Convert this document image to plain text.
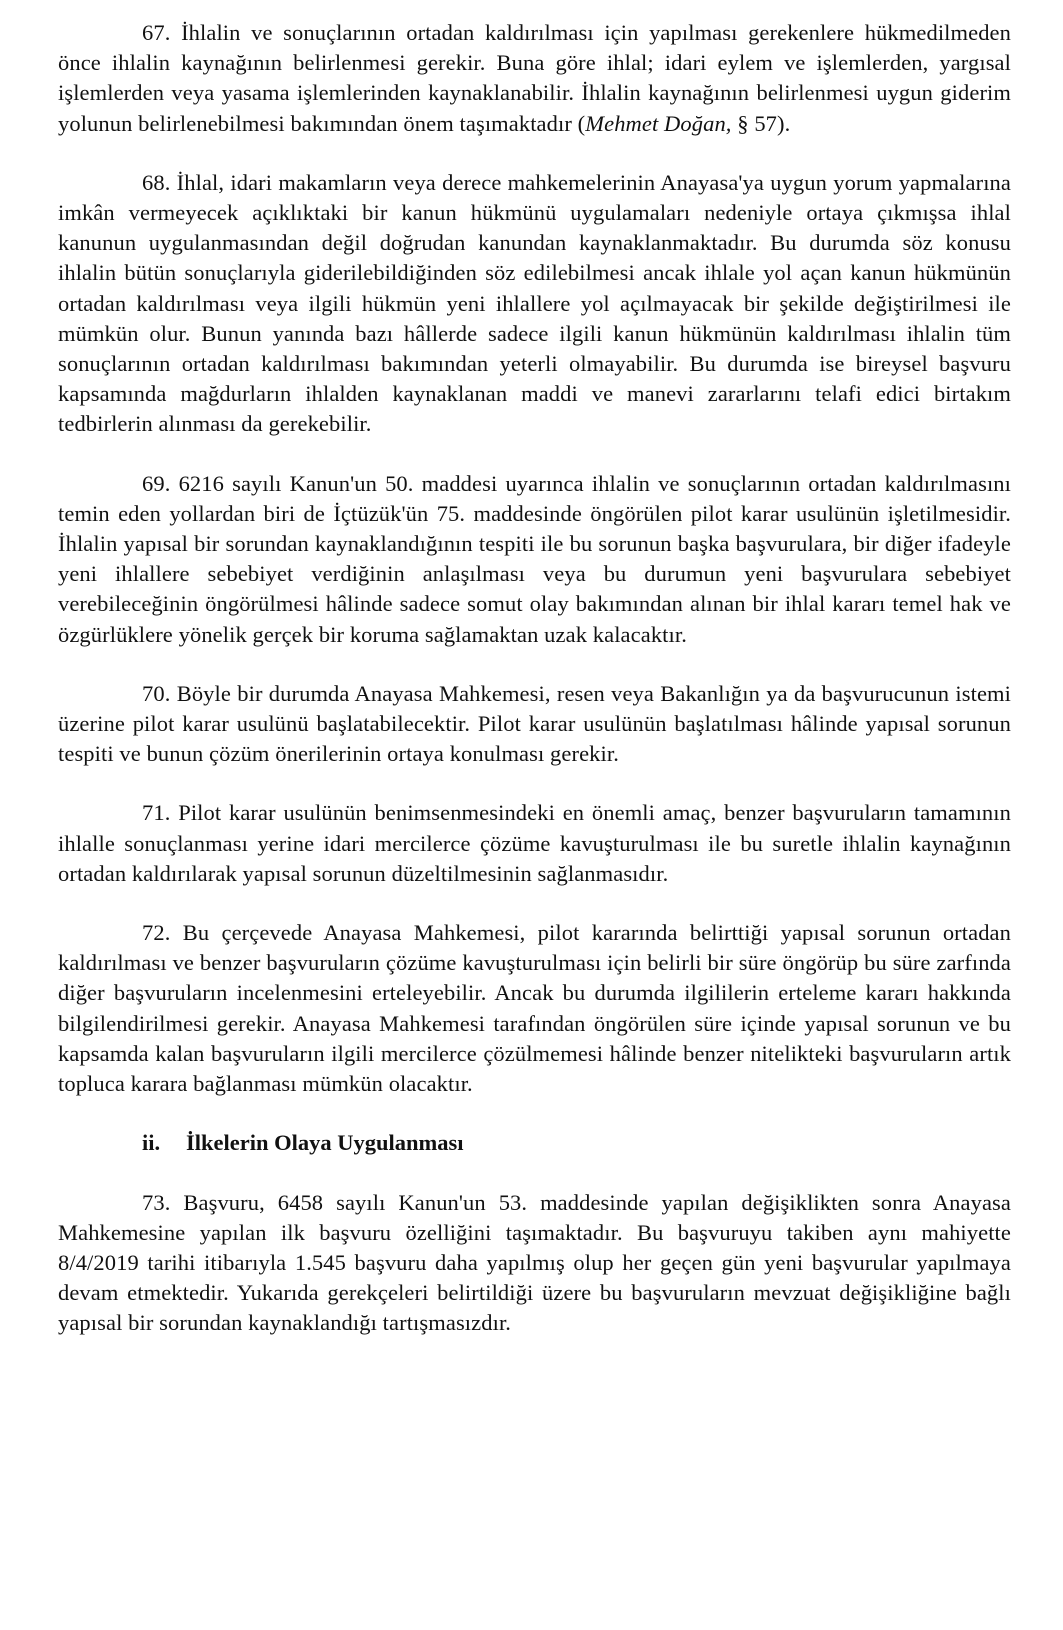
67. İhlalin ve sonuçlarının ortadan kaldırılması için yapılması gerekenlere hükmedilmeden önce ihlalin kaynağının belirlenmesi gerekir. Buna göre ihlal; idari eylem ve işlemlerden, yargısal işlemlerden veya yasama işlemlerinden kaynaklanabilir. İhlalin kaynağının belirlenmesi uygun giderim yolunun belirlenebilmesi bakımından önem taşımaktadır (Mehmet Doğan, § 57).

68. İhlal, idari makamların veya derece mahkemelerinin Anayasa'ya uygun yorum yapmalarına imkân vermeyecek açıklıktaki bir kanun hükmünü uygulamaları nedeniyle ortaya çıkmışsa ihlal kanunun uygulanmasından değil doğrudan kanundan kaynaklanmaktadır. Bu durumda söz konusu ihlalin bütün sonuçlarıyla giderilebildiğinden söz edilebilmesi ancak ihlale yol açan kanun hükmünün ortadan kaldırılması veya ilgili hükmün yeni ihlallere yol açılmayacak bir şekilde değiştirilmesi ile mümkün olur. Bunun yanında bazı hâllerde sadece ilgili kanun hükmünün kaldırılması ihlalin tüm sonuçlarının ortadan kaldırılması bakımından yeterli olmayabilir. Bu durumda ise bireysel başvuru kapsamında mağdurların ihlalden kaynaklanan maddi ve manevi zararlarını telafi edici birtakım tedbirlerin alınması da gerekebilir.

69. 6216 sayılı Kanun'un 50. maddesi uyarınca ihlalin ve sonuçlarının ortadan kaldırılmasını temin eden yollardan biri de İçtüzük'ün 75. maddesinde öngörülen pilot karar usulünün işletilmesidir. İhlalin yapısal bir sorundan kaynaklandığının tespiti ile bu sorunun başka başvurulara, bir diğer ifadeyle yeni ihlallere sebebiyet verdiğinin anlaşılması veya bu durumun yeni başvurulara sebebiyet verebileceğinin öngörülmesi hâlinde sadece somut olay bakımından alınan bir ihlal kararı temel hak ve özgürlüklere yönelik gerçek bir koruma sağlamaktan uzak kalacaktır.

70. Böyle bir durumda Anayasa Mahkemesi, resen veya Bakanlığın ya da başvurucunun istemi üzerine pilot karar usulünü başlatabilecektir. Pilot karar usulünün başlatılması hâlinde yapısal sorunun tespiti ve bunun çözüm önerilerinin ortaya konulması gerekir.

71. Pilot karar usulünün benimsenmesindeki en önemli amaç, benzer başvuruların tamamının ihlalle sonuçlanması yerine idari mercilerce çözüme kavuşturulması ile bu suretle ihlalin kaynağının ortadan kaldırılarak yapısal sorunun düzeltilmesinin sağlanmasıdır.

72. Bu çerçevede Anayasa Mahkemesi, pilot kararında belirttiği yapısal sorunun ortadan kaldırılması ve benzer başvuruların çözüme kavuşturulması için belirli bir süre öngörüp bu süre zarfında diğer başvuruların incelenmesini erteleyebilir. Ancak bu durumda ilgililerin erteleme kararı hakkında bilgilendirilmesi gerekir. Anayasa Mahkemesi tarafından öngörülen süre içinde yapısal sorunun ve bu kapsamda kalan başvuruların ilgili mercilerce çözülmemesi hâlinde benzer nitelikteki başvuruların artık topluca karara bağlanması mümkün olacaktır.

ii. İlkelerin Olaya Uygulanması

73. Başvuru, 6458 sayılı Kanun'un 53. maddesinde yapılan değişiklikten sonra Anayasa Mahkemesine yapılan ilk başvuru özelliğini taşımaktadır. Bu başvuruyu takiben aynı mahiyette 8/4/2019 tarihi itibarıyla 1.545 başvuru daha yapılmış olup her geçen gün yeni başvurular yapılmaya devam etmektedir. Yukarıda gerekçeleri belirtildiği üzere bu başvuruların mevzuat değişikliğine bağlı yapısal bir sorundan kaynaklandığı tartışmasızdır.
